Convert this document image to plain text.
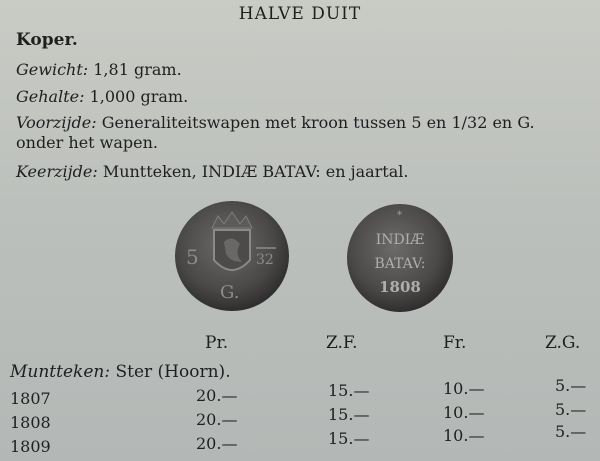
HALVE DUIT
Koper.
Gewicht: 1,81 gram.
Gehalte: 1,000 gram.
Voorzijde: Generaliteitswapen met kroon tussen 5 en 1/32 en G.
onder het wapen.
Keerzijde: Muntteken, INDIÆ BATAV: en jaartal.
5	32
G.
*
INDIÆ
BATAV:
1808
Pr.	Z.F.	Fr.	Z.G.
Muntteken: Ster (Hoorn).
1807	20.—	15.—	10.—	5.—
1808	20.—	15.—	10.—	5.—
1809	20.—	15.—	10.—	5.—
